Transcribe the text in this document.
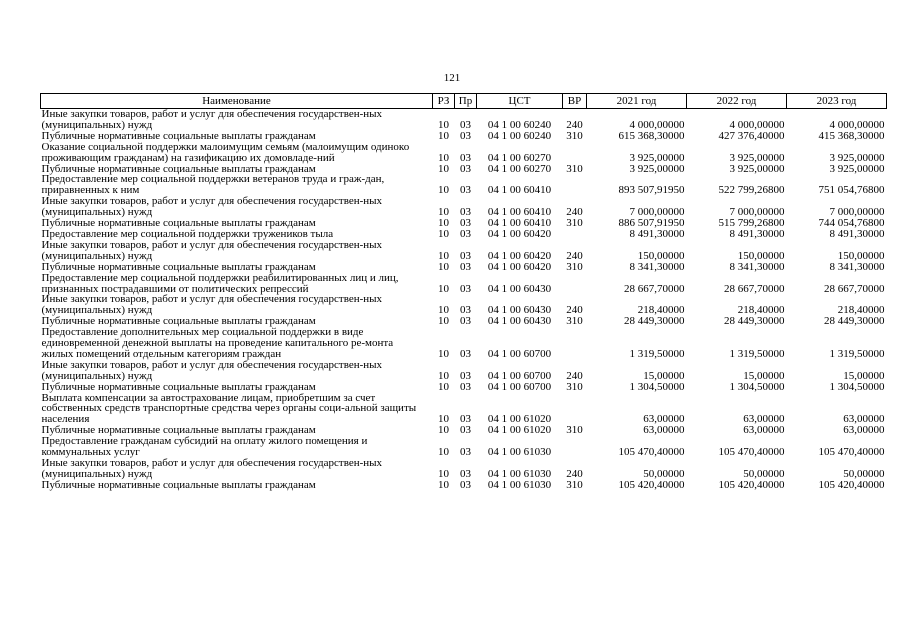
121
Наименование	РЗ	Пр	ЦСТ	ВР	2021 год	2022 год	2023 год
Иные закупки товаров, работ и услуг для обеспечения государствен-ных (муниципальных) нужд	10	03	04 1 00 60240	240	4 000,00000	4 000,00000	4 000,00000
Публичные нормативные социальные выплаты гражданам	10	03	04 1 00 60240	310	615 368,30000	427 376,40000	415 368,30000
Оказание социальной поддержки малоимущим семьям (малоимущим одиноко проживающим гражданам) на газификацию их домовладе-ний	10	03	04 1 00 60270		3 925,00000	3 925,00000	3 925,00000
Публичные нормативные социальные выплаты гражданам	10	03	04 1 00 60270	310	3 925,00000	3 925,00000	3 925,00000
Предоставление мер социальной поддержки ветеранов труда и граж-дан, приравненных к ним	10	03	04 1 00 60410		893 507,91950	522 799,26800	751 054,76800
Иные закупки товаров, работ и услуг для обеспечения государствен-ных (муниципальных) нужд	10	03	04 1 00 60410	240	7 000,00000	7 000,00000	7 000,00000
Публичные нормативные социальные выплаты гражданам	10	03	04 1 00 60410	310	886 507,91950	515 799,26800	744 054,76800
Предоставление мер социальной поддержки тружеников тыла	10	03	04 1 00 60420		8 491,30000	8 491,30000	8 491,30000
Иные закупки товаров, работ и услуг для обеспечения государствен-ных (муниципальных) нужд	10	03	04 1 00 60420	240	150,00000	150,00000	150,00000
Публичные нормативные социальные выплаты гражданам	10	03	04 1 00 60420	310	8 341,30000	8 341,30000	8 341,30000
Предоставление мер социальной поддержки реабилитированных лиц и лиц, признанных пострадавшими от политических репрессий	10	03	04 1 00 60430		28 667,70000	28 667,70000	28 667,70000
Иные закупки товаров, работ и услуг для обеспечения государствен-ных (муниципальных) нужд	10	03	04 1 00 60430	240	218,40000	218,40000	218,40000
Публичные нормативные социальные выплаты гражданам	10	03	04 1 00 60430	310	28 449,30000	28 449,30000	28 449,30000
Предоставление дополнительных мер социальной поддержки в виде единовременной денежной выплаты на проведение капитального ре-монта жилых помещений отдельным категориям граждан	10	03	04 1 00 60700		1 319,50000	1 319,50000	1 319,50000
Иные закупки товаров, работ и услуг для обеспечения государствен-ных (муниципальных) нужд	10	03	04 1 00 60700	240	15,00000	15,00000	15,00000
Публичные нормативные социальные выплаты гражданам	10	03	04 1 00 60700	310	1 304,50000	1 304,50000	1 304,50000
Выплата компенсации за автострахование лицам, приобретшим за счет собственных средств транспортные средства через органы соци-альной защиты населения	10	03	04 1 00 61020		63,00000	63,00000	63,00000
Публичные нормативные социальные выплаты гражданам	10	03	04 1 00 61020	310	63,00000	63,00000	63,00000
Предоставление гражданам субсидий на оплату жилого помещения и коммунальных услуг	10	03	04 1 00 61030		105 470,40000	105 470,40000	105 470,40000
Иные закупки товаров, работ и услуг для обеспечения государствен-ных (муниципальных) нужд	10	03	04 1 00 61030	240	50,00000	50,00000	50,00000
Публичные нормативные социальные выплаты гражданам	10	03	04 1 00 61030	310	105 420,40000	105 420,40000	105 420,40000
